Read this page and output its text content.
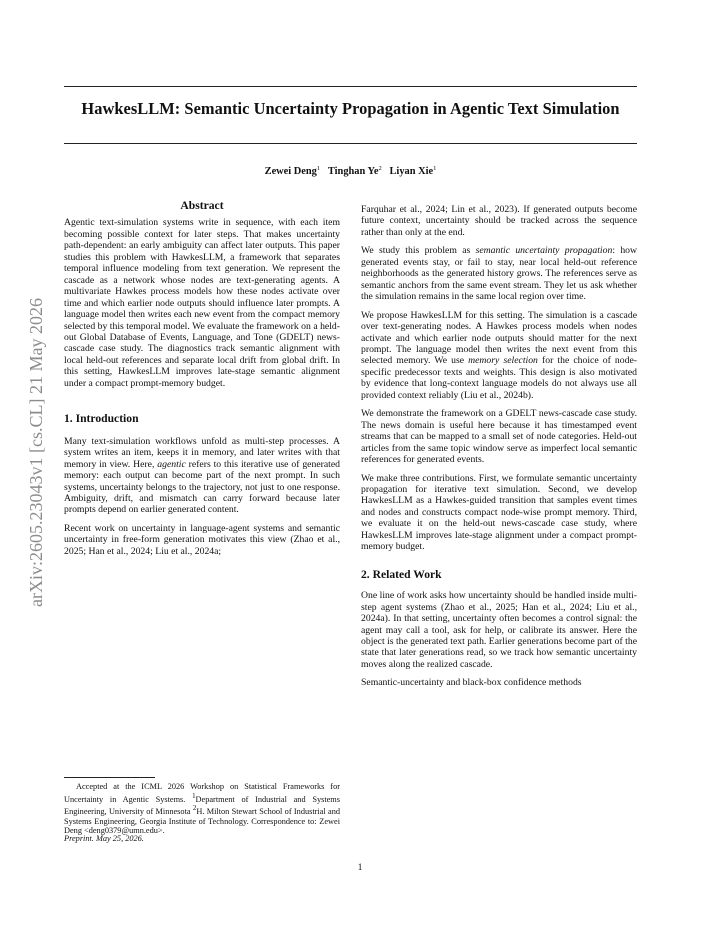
arXiv:2605.23043v1 [cs.CL] 21 May 2026
HawkesLLM: Semantic Uncertainty Propagation in Agentic Text Simulation
Zewei Deng$^1$ Tinghan Ye$^2$ Liyan Xie$^1$
Abstract

Agentic text-simulation systems write in sequence, with each item becoming possible context for later steps. That makes uncertainty path-dependent: an early ambiguity can affect later outputs. This paper studies this problem with HawkesLLM, a framework that separates temporal influence modeling from text generation. We represent the cascade as a network whose nodes are text-generating agents. A multivariate Hawkes process models how these nodes activate over time and which earlier node outputs should influence later prompts. A language model then writes each new event from the compact memory selected by this temporal model. We evaluate the framework on a held-out Global Database of Events, Language, and Tone (GDELT) news-cascade case study. The diagnostics track semantic alignment with local held-out references and separate local drift from global drift. In this setting, HawkesLLM improves late-stage semantic alignment under a compact prompt-memory budget.

1. Introduction

Many text-simulation workflows unfold as multi-step processes. A system writes an item, keeps it in memory, and later writes with that memory in view. Here, agentic refers to this iterative use of generated memory: each output can become part of the next prompt. In such systems, uncertainty belongs to the trajectory, not just to one response. Ambiguity, drift, and mismatch can carry forward because later prompts depend on earlier generated content.

Recent work on uncertainty in language-agent systems and semantic uncertainty in free-form generation motivates this view (Zhao et al., 2025; Han et al., 2024; Liu et al., 2024a;

Accepted at the ICML 2026 Workshop on Statistical Frameworks for Uncertainty in Agentic Systems. $^1$Department of Industrial and Systems Engineering, University of Minnesota $^2$H. Milton Stewart School of Industrial and Systems Engineering, Georgia Institute of Technology. Correspondence to: Zewei Deng <deng0379@umn.edu>.

Preprint. May 25, 2026.

Farquhar et al., 2024; Lin et al., 2023). If generated outputs become future context, uncertainty should be tracked across the sequence rather than only at the end.

We study this problem as semantic uncertainty propagation: how generated events stay, or fail to stay, near local held-out reference neighborhoods as the generated history grows. The references serve as semantic anchors from the same event stream. They let us ask whether the simulation remains in the same local region over time.

We propose HawkesLLM for this setting. The simulation is a cascade over text-generating nodes. A Hawkes process models when nodes activate and which earlier node outputs should matter for the next prompt. The language model then writes the next event from this selected memory. We use memory selection for the choice of node-specific predecessor texts and weights. This design is also motivated by evidence that long-context language models do not always use all provided context reliably (Liu et al., 2024b).

We demonstrate the framework on a GDELT news-cascade case study. The news domain is useful here because it has timestamped event streams that can be mapped to a small set of node categories. Held-out articles from the same topic window serve as imperfect local semantic references for generated events.

We make three contributions. First, we formulate semantic uncertainty propagation for iterative text simulation. Second, we develop HawkesLLM as a Hawkes-guided transition that samples event times and nodes and constructs compact node-wise prompt memory. Third, we evaluate it on the held-out news-cascade case study, where HawkesLLM improves late-stage alignment under a compact prompt-memory budget.

2. Related Work

One line of work asks how uncertainty should be handled inside multi-step agent systems (Zhao et al., 2025; Han et al., 2024; Liu et al., 2024a). In that setting, uncertainty often becomes a control signal: the agent may call a tool, ask for help, or calibrate its answer. Here the object is the generated text path. Earlier generations become part of the state that later generations read, so we track how semantic uncertainty moves along the realized cascade.

Semantic-uncertainty and black-box confidence methods

1
